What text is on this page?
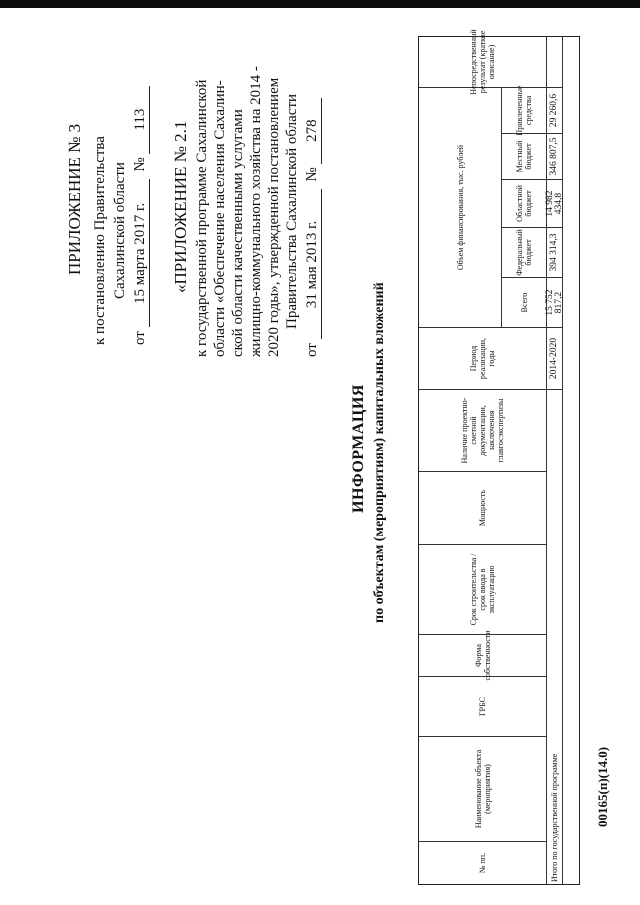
ПРИЛОЖЕНИЕ № 3 к постановлению Правительства Сахалинской области
от 15 марта 2017 г. № 113
«ПРИЛОЖЕНИЕ № 2.1 к государственной программе Сахалинской области «Обеспечение населения Сахалин- ской области качественными услугами жилищно-коммунального хозяйства на 2014 - 2020 годы», утвержденной постановлением Правительства Сахалинской области
от 31 мая 2013 г. № 278
ИНФОРМАЦИЯ по объектам (мероприятиям) капитальных вложений
№ пп.
Наименование объекта (мероприятия)
ГРБС
Форма собственности
Срок строительства / срок ввода в эксплуатацию
Мощность
Наличие проектно-сметной документации, заключения главгосэкспертизы
Период реализации, годы
Объем финансирования, тыс. рублей
Всего
Федеральный бюджет
Областной бюджет
Местный бюджет
Привлеченные средства
Непосредственный результат (краткое описание)
Итого по государственной программе
2014-2020
15 752 817,2
394 314,3
14 982 434,8
346 807,5
29 260,6
00165(п)(14.0)
